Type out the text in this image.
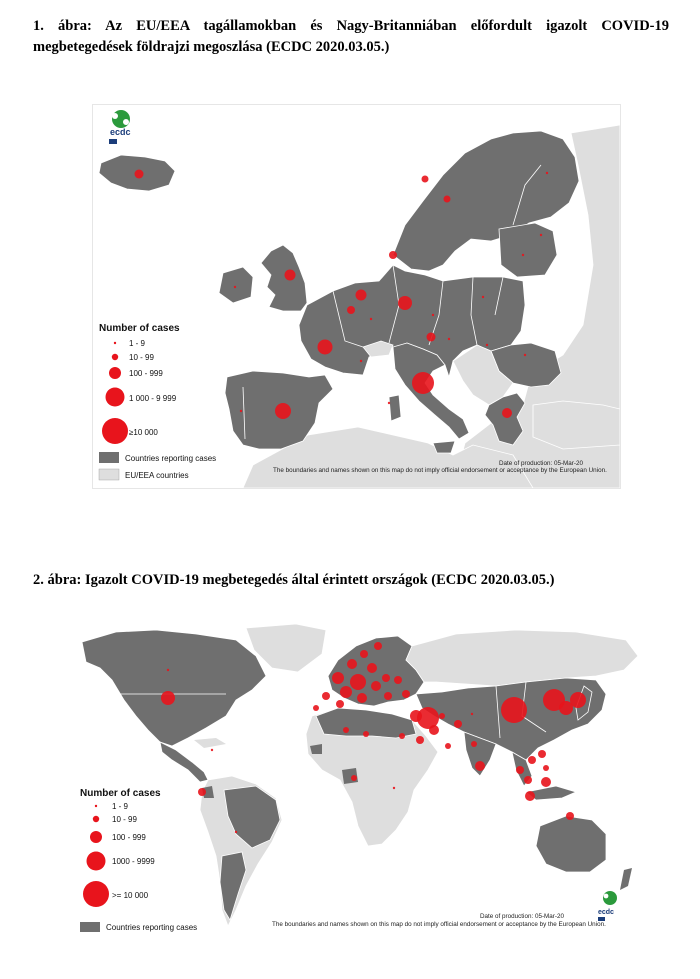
1. ábra: Az EU/EEA tagállamokban és Nagy-Britanniában előfordult igazolt COVID-19 megbetegedések földrajzi megoszlása (ECDC 2020.03.05.)

ecdc
Number of cases
1 - 9
10 - 99
100 - 999
1 000 - 9 999
≥10 000
Countries reporting cases
EU/EEA countries
Date of production: 05-Mar-20
The boundaries and names shown on this map do not imply official endorsement or acceptance by the European Union.

2. ábra: Igazolt COVID-19 megbetegedés által érintett országok (ECDC 2020.03.05.)

Number of cases
1 - 9
10 - 99
100 - 999
1000 - 9999
>= 10 000
Countries reporting cases
ecdc
Date of production: 05-Mar-20
The boundaries and names shown on this map do not imply official endorsement or acceptance by the European Union.
